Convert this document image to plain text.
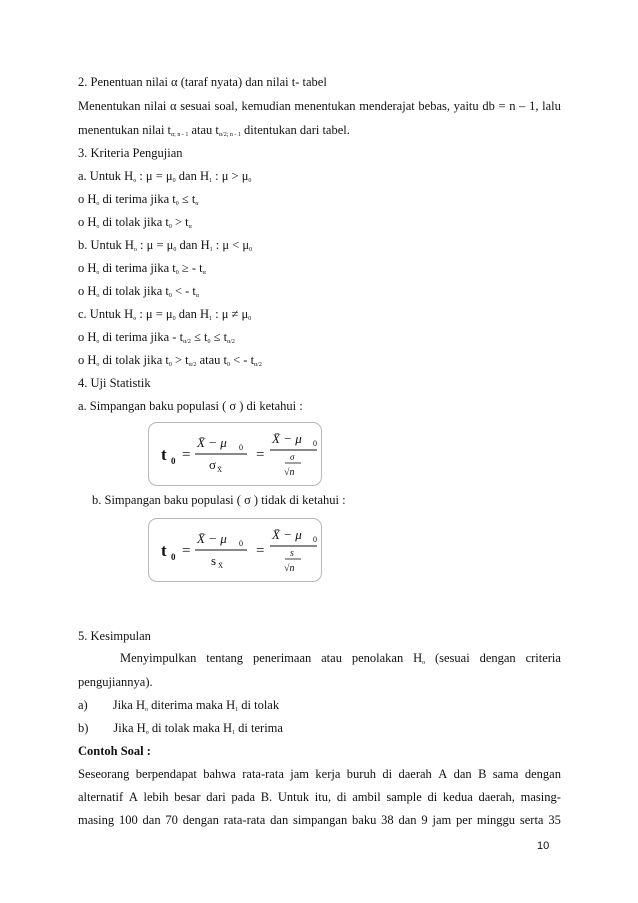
2. Penentuan nilai α (taraf nyata) dan nilai t- tabel
Menentukan nilai α sesuai soal, kemudian menentukan menderajat bebas, yaitu db = n – 1, lalu
menentukan nilai $t_{\alpha; n - 1}$ atau $t_{\alpha/2; n - 1}$ ditentukan dari tabel.
3. Kriteria Pengujian
a. Untuk $H_o$ : $\mu = \mu_0$ dan $H_1$ : $\mu > \mu_0$
o $H_o$ di terima jika $t_0 \le t_\alpha$
o $H_o$ di tolak jika $t_0 > t_\alpha$
b. Untuk $H_o$ : $\mu = \mu_0$ dan $H_1$ : $\mu < \mu_0$
o $H_o$ di terima jika $t_0$ ≥ - $t_\alpha$
o $H_o$ di tolak jika $t_0$ < - $t_\alpha$
c. Untuk $H_o$ : $\mu = \mu_0$ dan $H_1$ : $\mu \ne \mu_0$
o $H_o$ di terima jika - $t_{\alpha/2} \le t_0 \le t_{\alpha/2}$
o $H_o$ di tolak jika $t_0 > t_{\alpha/2}$ atau $t_0$ < - $t_{\alpha/2}$
4. Uji Statistik
a. Simpangan baku populasi ( σ ) di ketahui :
t 0 =
X̄ − μ 0
σ X̄
=
X̄ − μ 0
σ
√n
b. Simpangan baku populasi ( σ ) tidak di ketahui :
t 0 =
X̄ − μ 0
s X̄
=
X̄ − μ 0
s
√n
5. Kesimpulan
Menyimpulkan tentang penerimaan atau penolakan $H_o$ (sesuai dengan criteria
pengujiannya).
a) Jika $H_o$ diterima maka $H_1$ di tolak
b) Jika $H_o$ di tolak maka $H_1$ di terima
Contoh Soal :
Seseorang berpendapat bahwa rata-rata jam kerja buruh di daerah A dan B sama dengan
alternatif A lebih besar dari pada B. Untuk itu, di ambil sample di kedua daerah, masing-
masing 100 dan 70 dengan rata-rata dan simpangan baku 38 dan 9 jam per minggu serta 35
10
